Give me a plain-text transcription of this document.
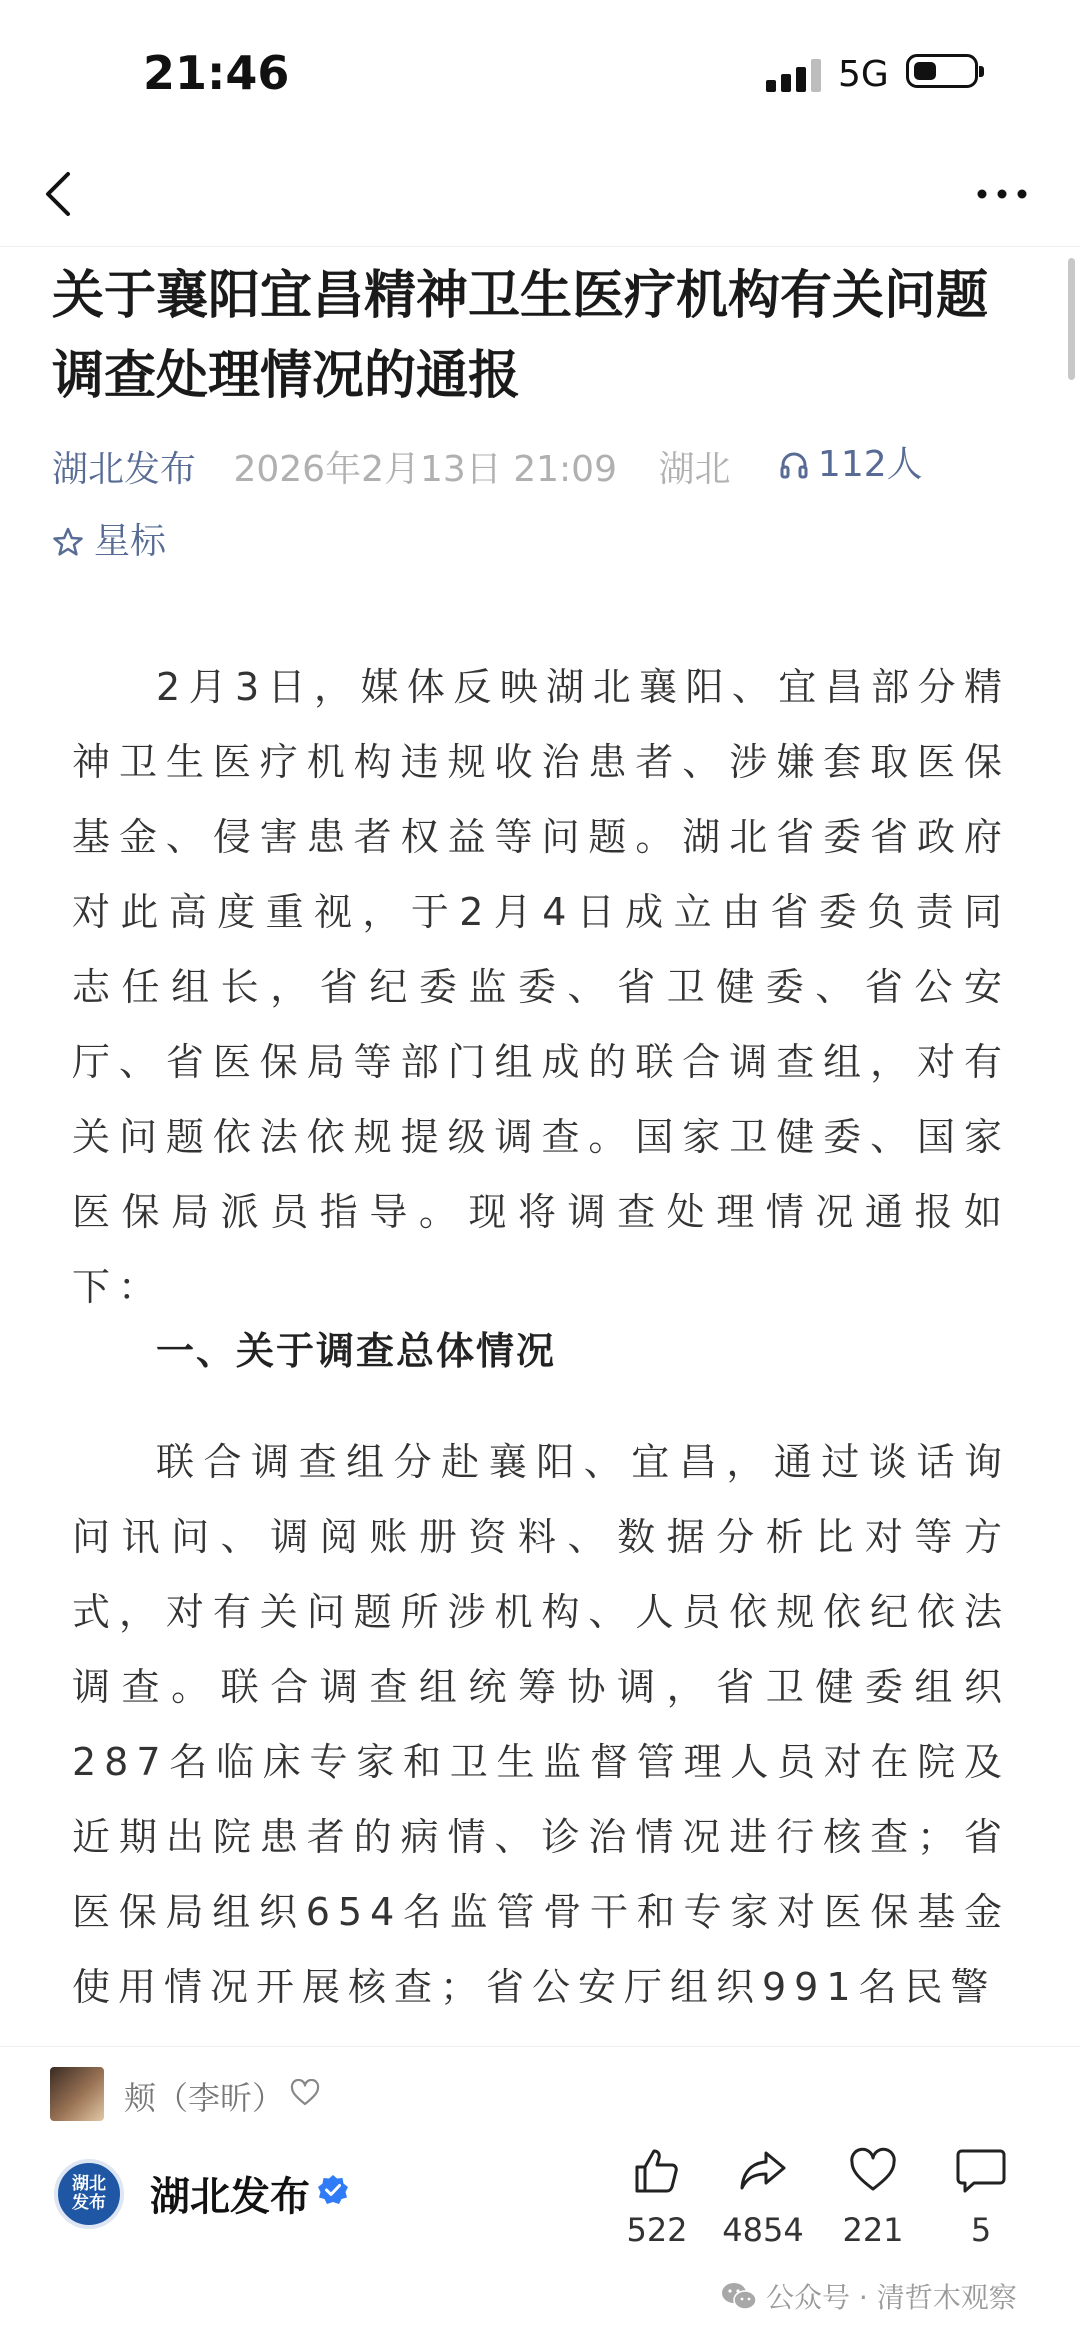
21:46	5G
关于襄阳宜昌精神卫生医疗机构有关问题调查处理情况的通报
湖北发布 2026年2月13日 21:09 湖北 112人
星标

2月3日，媒体反映湖北襄阳、宜昌部分精神卫生医疗机构违规收治患者、涉嫌套取医保基金、侵害患者权益等问题。湖北省委省政府对此高度重视，于2月4日成立由省委负责同志任组长，省纪委监委、省卫健委、省公安厅、省医保局等部门组成的联合调查组，对有关问题依法依规提级调查。国家卫健委、国家医保局派员指导。现将调查处理情况通报如下：

一、关于调查总体情况

联合调查组分赴襄阳、宜昌，通过谈话询问讯问、调阅账册资料、数据分析比对等方式，对有关问题所涉机构、人员依规依纪依法调查。联合调查组统筹协调，省卫健委组织287名临床专家和卫生监督管理人员对在院及近期出院患者的病情、诊治情况进行核查；省医保局组织654名监管骨干和专家对医保基金使用情况开展核查；省公安厅组织991名民警

颊（李昕）
湖北发布 湖北发布
522	4854	221	5
公众号 · 清哲木观察
